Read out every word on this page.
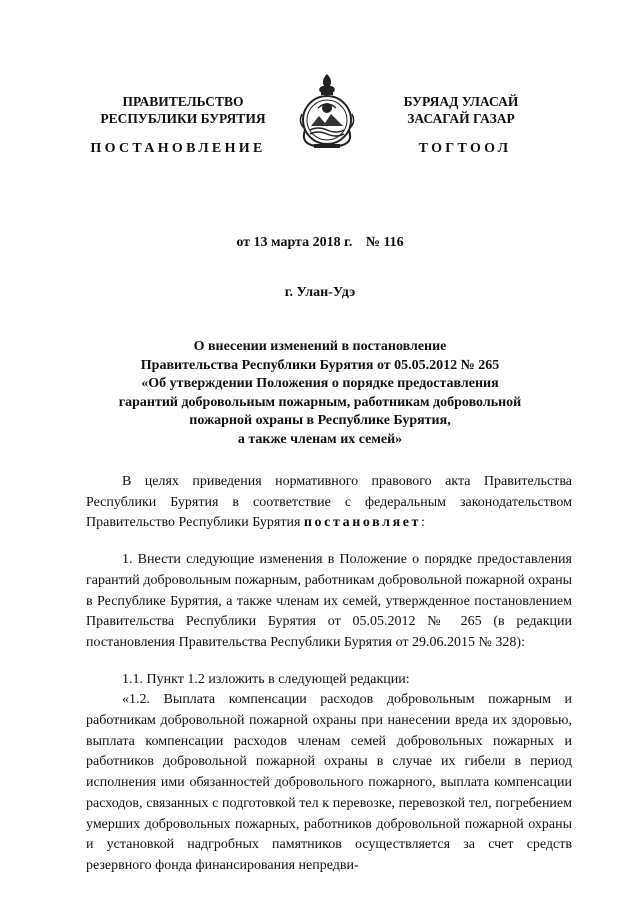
ПРАВИТЕЛЬСТВО
РЕСПУБЛИКИ БУРЯТИЯ
ПОСТАНОВЛЕНИЕ
БУРЯАД УЛАСАЙ
ЗАСАГАЙ ГАЗАР
ТОГТООЛ
от 13 марта 2018 г. № 116
г. Улан-Удэ
О внесении изменений в постановление
Правительства Республики Бурятия от 05.05.2012 № 265
«Об утверждении Положения о порядке предоставления
гарантий добровольным пожарным, работникам добровольной
пожарной охраны в Республике Бурятия,
а также членам их семей»

В целях приведения нормативного правового акта Правительства Республики Бурятия в соответствие с федеральным законодательством Правительство Республики Бурятия постановляет:

1. Внести следующие изменения в Положение о порядке предоставления гарантий добровольным пожарным, работникам добровольной пожарной охраны в Республике Бурятия, а также членам их семей, утвержденное постановлением Правительства Республики Бурятия от 05.05.2012 № 265 (в редакции постановления Правительства Республики Бурятия от 29.06.2015 № 328):

1.1. Пункт 1.2 изложить в следующей редакции:

«1.2. Выплата компенсации расходов добровольным пожарным и работникам добровольной пожарной охраны при нанесении вреда их здоровью, выплата компенсации расходов членам семей добровольных пожарных и работников добровольной пожарной охраны в случае их гибели в период исполнения ими обязанностей добровольного пожарного, выплата компенсации расходов, связанных с подготовкой тел к перевозке, перевозкой тел, погребением умерших добровольных пожарных, работников добровольной пожарной охраны и установкой надгробных памятников осуществляется за счет средств резервного фонда финансирования непредви-
